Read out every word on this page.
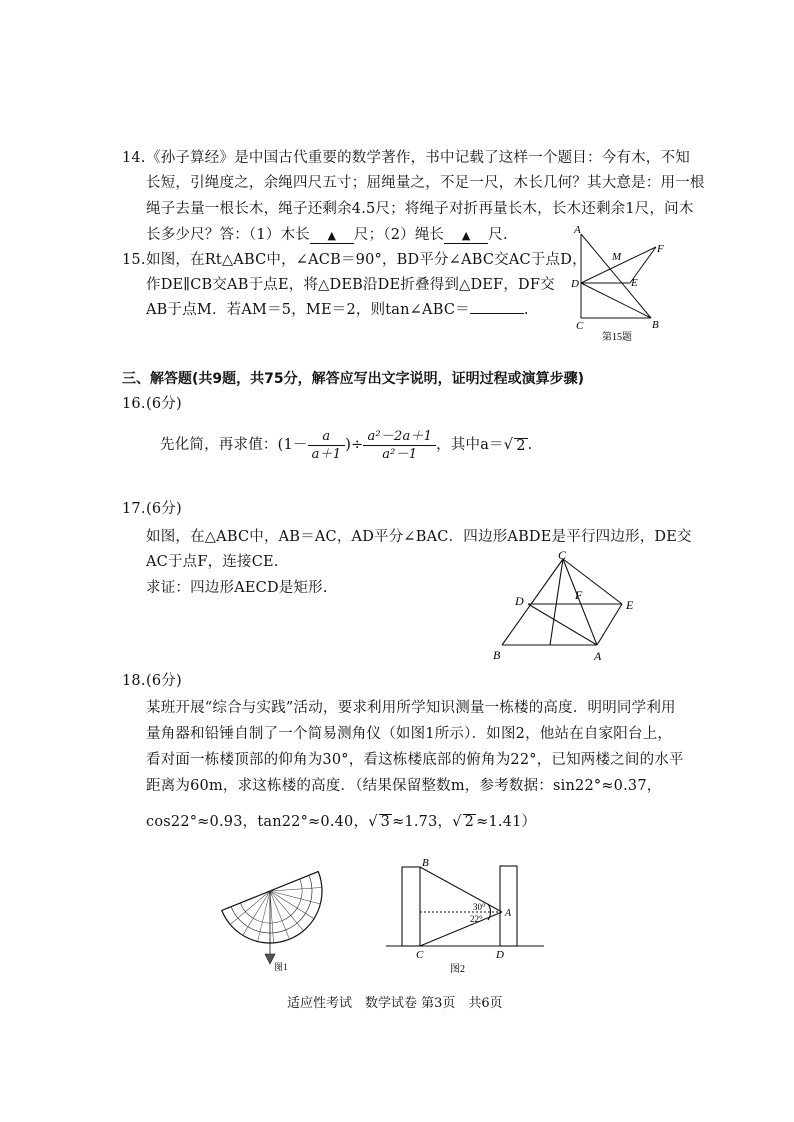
14. 《孙子算经》是中国古代重要的数学著作，书中记载了这样一个题目：今有木，不知
长短，引绳度之，余绳四尺五寸；屈绳量之，不足一尺，木长几何？其大意是：用一根
绳子去量一根长木，绳子还剩余4.5尺；将绳子对折再量长木，长木还剩余1尺，问木
长多少尺？答：（1）木长 ▲ 尺；（2）绳长 ▲ 尺.
15. 如图，在Rt△ABC中，∠ACB＝90°，BD平分∠ABC交AC于点D，
作DE∥CB交AB于点E，将△DEB沿DE折叠得到△DEF，DF交
AB于点M．若AM＝5，ME＝2，则tan∠ABC＝	.
A
M
F
D	E
C	B
第15题
三、解答题(共9题，共75分，解答应写出文字说明，证明过程或演算步骤)
16. (6分)
先化简，再求值： ($1- \frac{a}{a+1}$ )÷ $\frac{\text{a²－2a＋1}}{\text{a²－1}}$ ，其中a＝ √ 2 .
17. (6分)
如图，在△ABC中，AB＝AC，AD平分∠BAC．四边形ABDE是平行四边形，DE交
AC于点F，连接CE.
求证：四边形AECD是矩形.
C
D	F
E
B	A
18. (6分)
某班开展“综合与实践”活动，要求利用所学知识测量一栋楼的高度．明明同学利用
量角器和铅锤自制了一个简易测角仪（如图1所示）．如图2，他站在自家阳台上，
看对面一栋楼顶部的仰角为30°，看这栋楼底部的俯角为22°，已知两楼之间的水平
距离为60m，求这栋楼的高度．（结果保留整数m，参考数据：sin22°≈0.37，
cos22°≈0.93，tan22°≈0.40，√ 3 ≈1.73，√ 2 ≈1.41）
图1
B
A
C	D
30°
22°
图2
适应性考试　数学试卷 第3页　共6页
